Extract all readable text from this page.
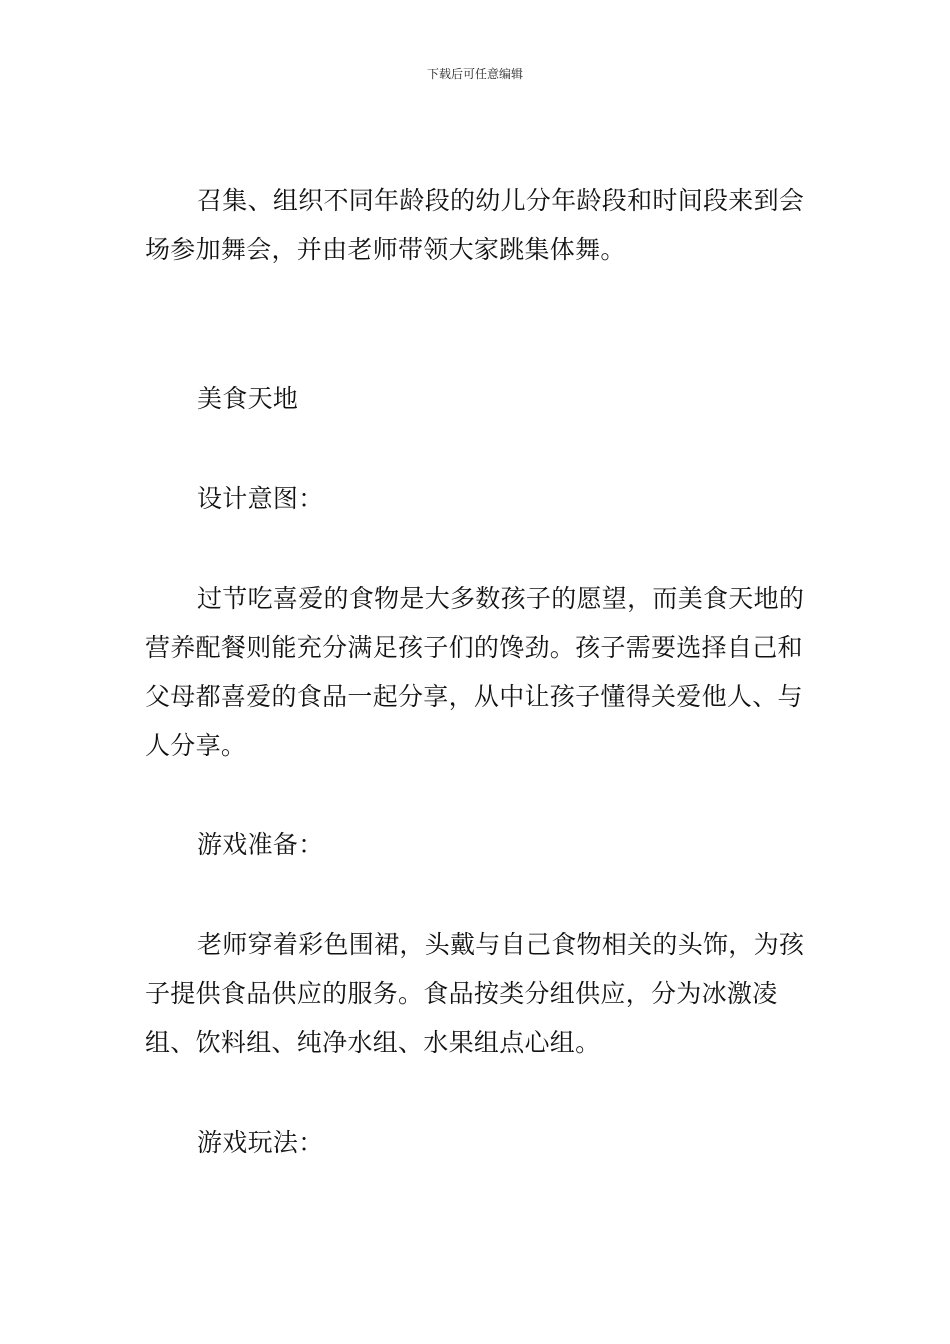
下载后可任意编辑

召集、组织不同年龄段的幼儿分年龄段和时间段来到会场参加舞会，并由老师带领大家跳集体舞。

美食天地

设计意图：

过节吃喜爱的食物是大多数孩子的愿望，而美食天地的营养配餐则能充分满足孩子们的馋劲。孩子需要选择自己和父母都喜爱的食品一起分享，从中让孩子懂得关爱他人、与人分享。

游戏准备：

老师穿着彩色围裙，头戴与自己食物相关的头饰，为孩子提供食品供应的服务。食品按类分组供应，分为冰激凌组、饮料组、纯净水组、水果组点心组。

游戏玩法：
